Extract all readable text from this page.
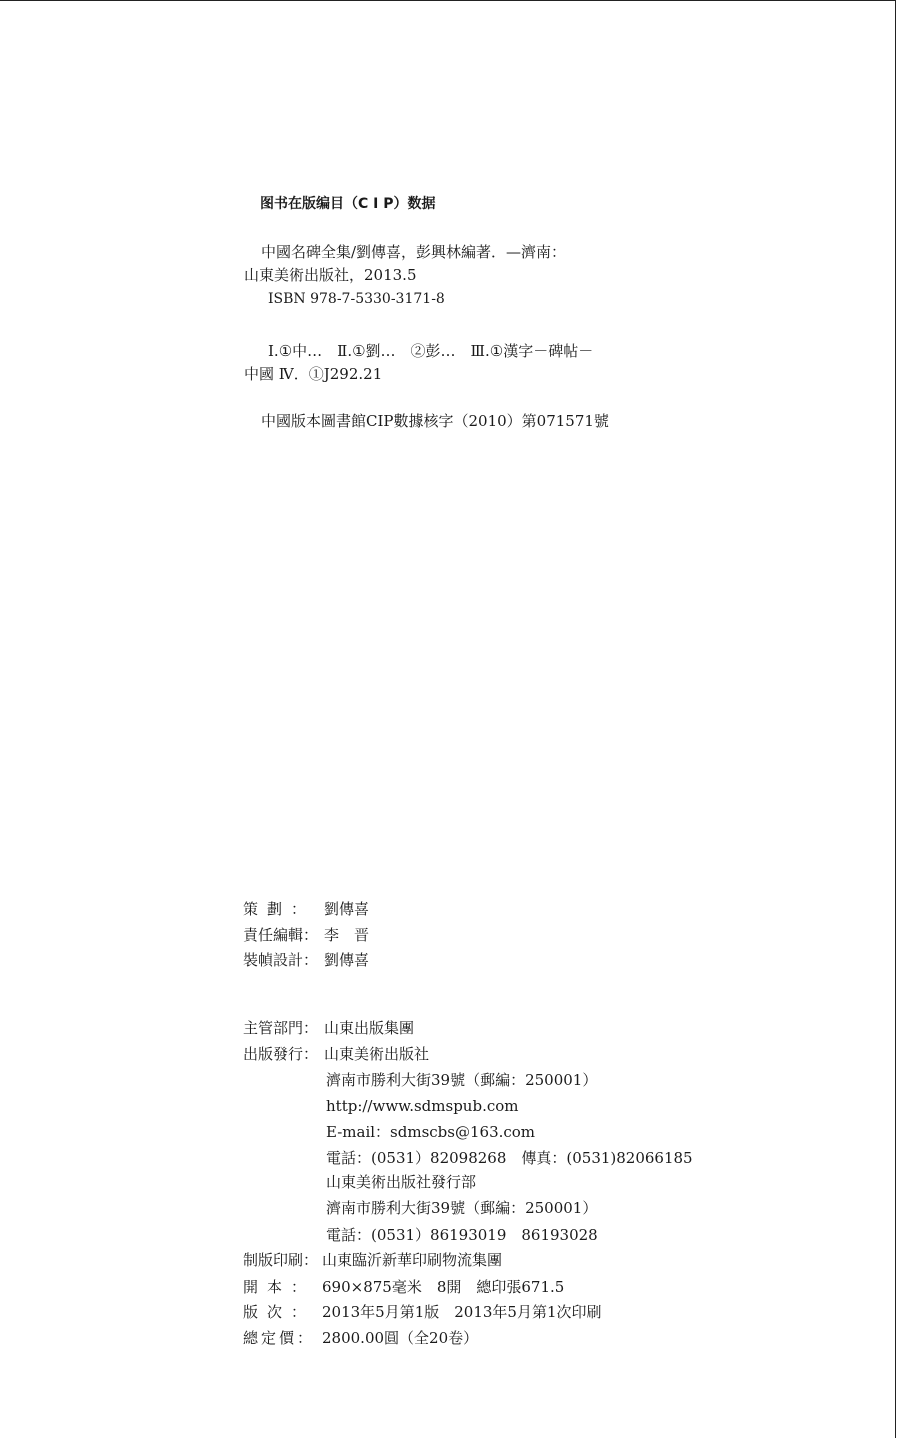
图书在版编目（C I P）数据
中國名碑全集/劉傳喜，彭興林編著．—濟南：
山東美術出版社，2013.5
ISBN 978-7-5330-3171-8
Ⅰ.①中…　Ⅱ.①劉…　②彭…　Ⅲ.①漢字－碑帖－
中國 Ⅳ．①J292.21
中國版本圖書館CIP數據核字（2010）第071571號
策劃： 劉傳喜
責任編輯： 李　晋
裝幀設計： 劉傳喜
主管部門： 山東出版集團
出版發行： 山東美術出版社
濟南市勝利大街39號（郵編：250001）
http://www.sdmspub.com
E-mail：sdmscbs@163.com
電話：(0531）82098268　傳真：(0531)82066185
山東美術出版社發行部
濟南市勝利大街39號（郵編：250001）
電話：(0531）86193019　86193028
制版印刷： 山東臨沂新華印刷物流集團
開本： 690×875毫米　8開　總印張671.5
版次： 2013年5月第1版　2013年5月第1次印刷
總定價： 2800.00圓（全20卷）
